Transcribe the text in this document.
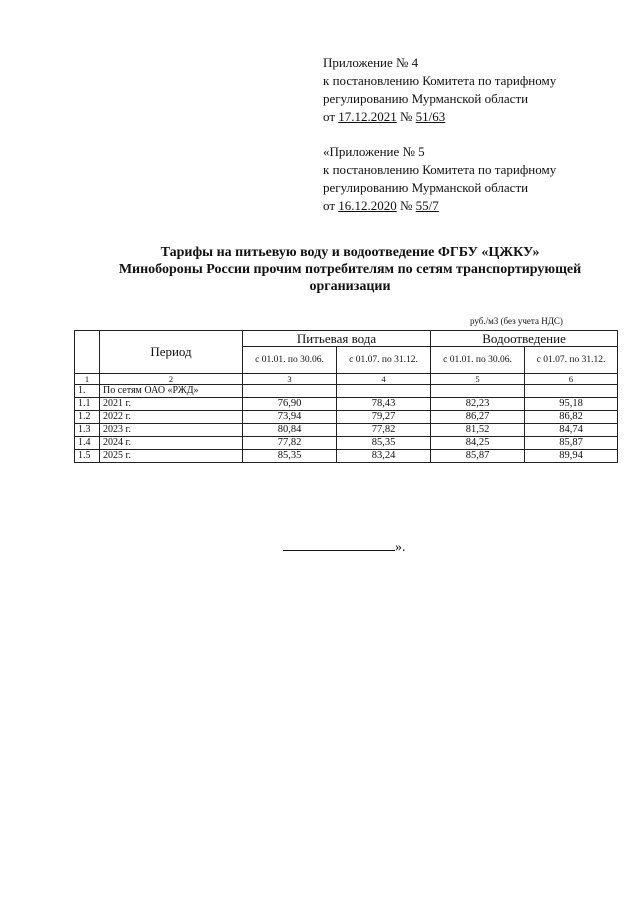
Приложение № 4
к постановлению Комитета по тарифному
регулированию Мурманской области
от 17.12.2021 № 51/63
«Приложение № 5
к постановлению Комитета по тарифному
регулированию Мурманской области
от 16.12.2020 № 55/7
Тарифы на питьевую воду и водоотведение ФГБУ «ЦЖКУ»
Минобороны России прочим потребителям по сетям транспортирующей
организации
руб./м3 (без учета НДС)
	Период	Питьевая вода		Водоотведение	
		с 01.01. по 30.06.	с 01.07. по 31.12.	с 01.01. по 30.06.	с 01.07. по 31.12.
1	2	3	4	5	6
1.	По сетям ОАО «РЖД»				
1.1	2021 г.	76,90	78,43	82,23	95,18
1.2	2022 г.	73,94	79,27	86,27	86,82
1.3	2023 г.	80,84	77,82	81,52	84,74
1.4	2024 г.	77,82	85,35	84,25	85,87
1.5	2025 г.	85,35	83,24	85,87	89,94
».
